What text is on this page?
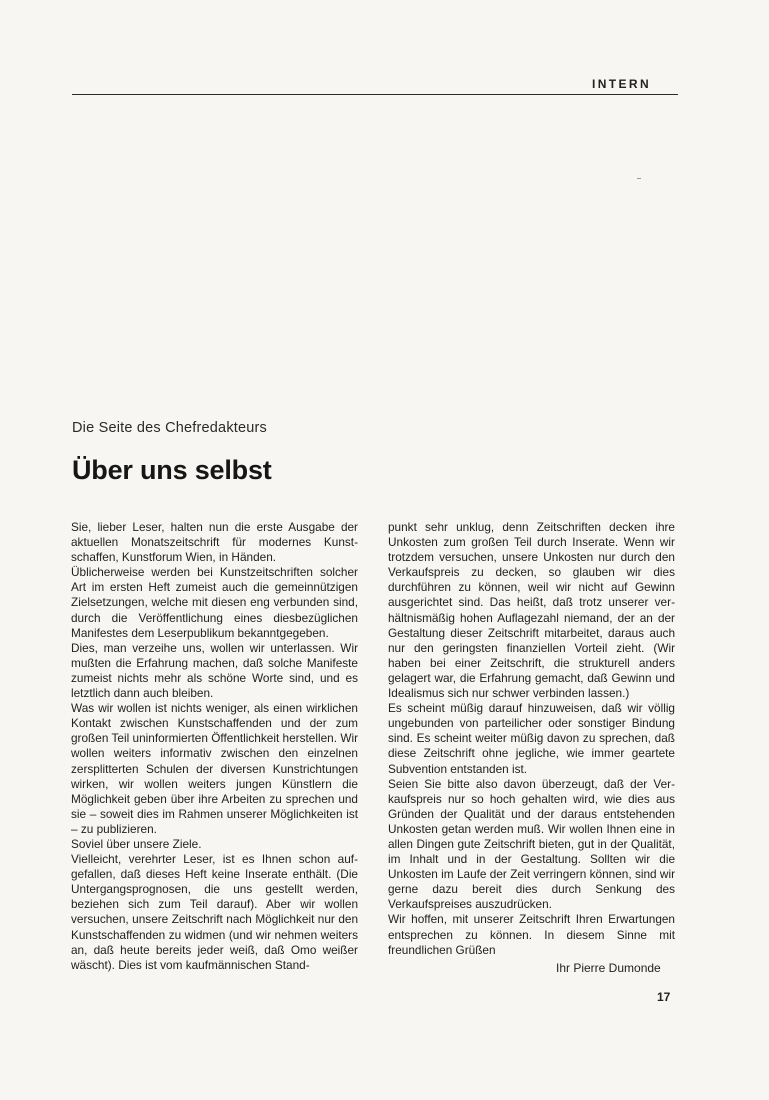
INTERN
Die Seite des Chefredakteurs
Über uns selbst

Sie, lieber Leser, halten nun die erste Ausgabe der aktuellen Monatszeitschrift für modernes Kunstschaffen, Kunstforum Wien, in Händen.

Üblicherweise werden bei Kunstzeitschriften solcher Art im ersten Heft zumeist auch die gemeinnützigen Zielsetzungen, welche mit diesen eng verbunden sind, durch die Veröffentlichung eines diesbezüglichen Manifestes dem Leserpublikum bekanntgegeben.

Dies, man verzeihe uns, wollen wir unterlassen. Wir mußten die Erfahrung machen, daß solche Manifeste zumeist nichts mehr als schöne Worte sind, und es letztlich dann auch bleiben.

Was wir wollen ist nichts weniger, als einen wirklichen Kontakt zwischen Kunstschaffenden und der zum großen Teil uninformierten Öffentlichkeit herstellen. Wir wollen weiters informativ zwischen den einzelnen zersplitterten Schulen der diversen Kunstrichtungen wirken, wir wollen weiters jungen Künstlern die Möglichkeit geben über ihre Arbeiten zu sprechen und sie – soweit dies im Rahmen unserer Möglichkeiten ist – zu publizieren.

Soviel über unsere Ziele.

Vielleicht, verehrter Leser, ist es Ihnen schon aufgefallen, daß dieses Heft keine Inserate enthält. (Die Untergangsprognosen, die uns gestellt werden, beziehen sich zum Teil darauf). Aber wir wollen versuchen, unsere Zeitschrift nach Möglichkeit nur den Kunstschaffenden zu widmen (und wir nehmen weiters an, daß heute bereits jeder weiß, daß Omo weißer wäscht). Dies ist vom kaufmännischen Stand-

punkt sehr unklug, denn Zeitschriften decken ihre Unkosten zum großen Teil durch Inserate. Wenn wir trotzdem versuchen, unsere Unkosten nur durch den Verkaufspreis zu decken, so glauben wir dies durchführen zu können, weil wir nicht auf Gewinn ausgerichtet sind. Das heißt, daß trotz unserer verhältnismäßig hohen Auflagezahl niemand, der an der Gestaltung dieser Zeitschrift mitarbeitet, daraus auch nur den geringsten finanziellen Vorteil zieht. (Wir haben bei einer Zeitschrift, die strukturell anders gelagert war, die Erfahrung gemacht, daß Gewinn und Idealismus sich nur schwer verbinden lassen.)

Es scheint müßig darauf hinzuweisen, daß wir völlig ungebunden von parteilicher oder sonstiger Bindung sind. Es scheint weiter müßig davon zu sprechen, daß diese Zeitschrift ohne jegliche, wie immer geartete Subvention entstanden ist.

Seien Sie bitte also davon überzeugt, daß der Verkaufspreis nur so hoch gehalten wird, wie dies aus Gründen der Qualität und der daraus entstehenden Unkosten getan werden muß. Wir wollen Ihnen eine in allen Dingen gute Zeitschrift bieten, gut in der Qualität, im Inhalt und in der Gestaltung. Sollten wir die Unkosten im Laufe der Zeit verringern können, sind wir gerne dazu bereit dies durch Senkung des Verkaufspreises auszudrücken.

Wir hoffen, mit unserer Zeitschrift Ihren Erwartungen entsprechen zu können. In diesem Sinne mit freundlichen Grüßen

Ihr Pierre Dumonde
17
